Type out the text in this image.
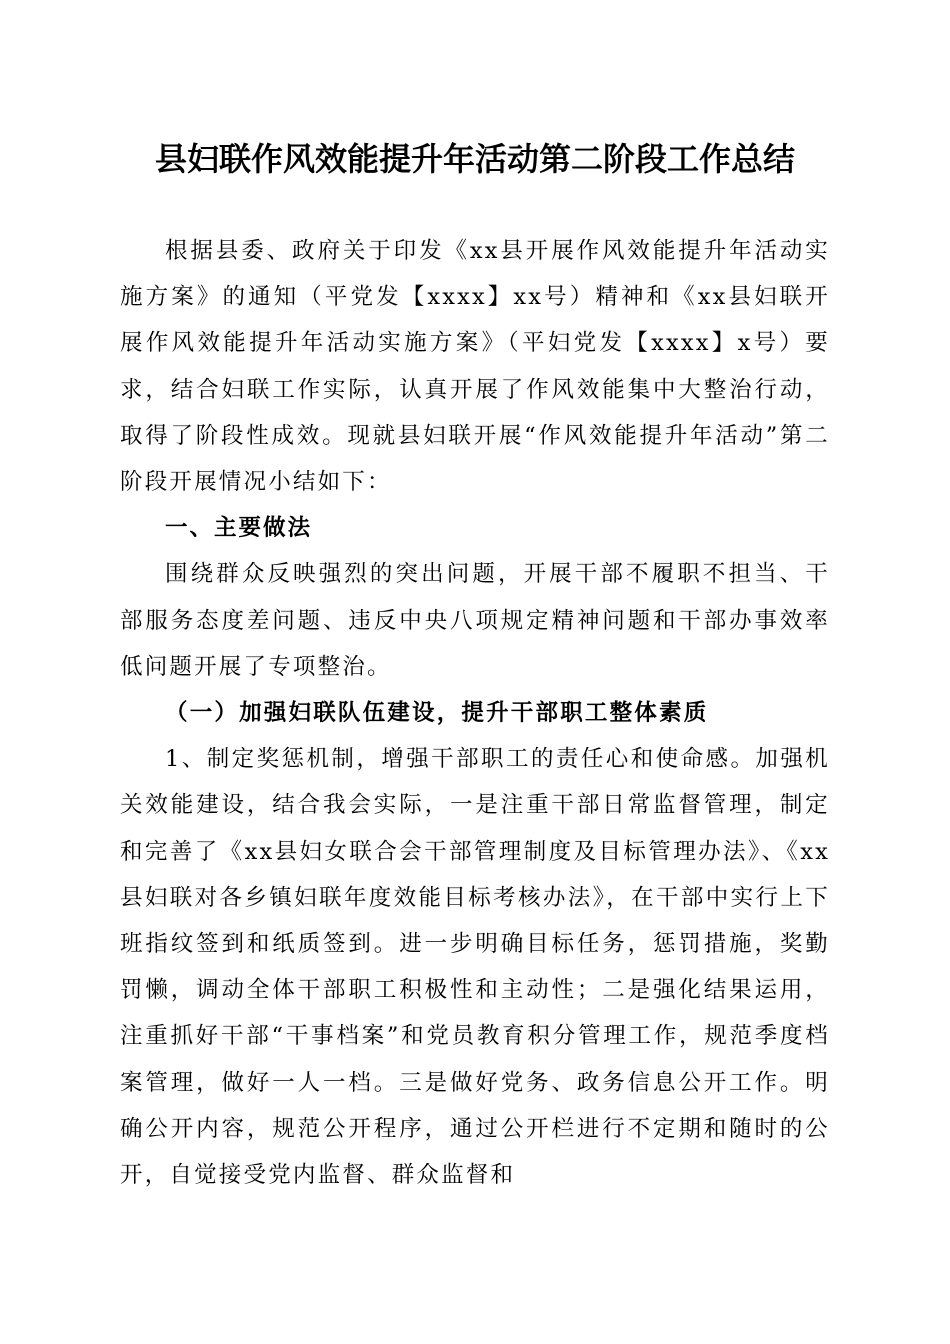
县妇联作风效能提升年活动第二阶段工作总结

根据县委、政府关于印发《xx县开展作风效能提升年活动实施方案》的通知（平党发【xxxx】xx号）精神和《xx县妇联开展作风效能提升年活动实施方案》（平妇党发【xxxx】x号）要求，结合妇联工作实际，认真开展了作风效能集中大整治行动，取得了阶段性成效。现就县妇联开展“作风效能提升年活动”第二阶段开展情况小结如下：

一、主要做法

围绕群众反映强烈的突出问题，开展干部不履职不担当、干部服务态度差问题、违反中央八项规定精神问题和干部办事效率低问题开展了专项整治。

（一）加强妇联队伍建设，提升干部职工整体素质

1、制定奖惩机制，增强干部职工的责任心和使命感。加强机关效能建设，结合我会实际，一是注重干部日常监督管理，制定和完善了《xx县妇女联合会干部管理制度及目标管理办法》、《xx县妇联对各乡镇妇联年度效能目标考核办法》，在干部中实行上下班指纹签到和纸质签到。进一步明确目标任务，惩罚措施，奖勤罚懒，调动全体干部职工积极性和主动性；二是强化结果运用，注重抓好干部“干事档案”和党员教育积分管理工作，规范季度档案管理，做好一人一档。三是做好党务、政务信息公开工作。明确公开内容，规范公开程序，通过公开栏进行不定期和随时的公开，自觉接受党内监督、群众监督和
